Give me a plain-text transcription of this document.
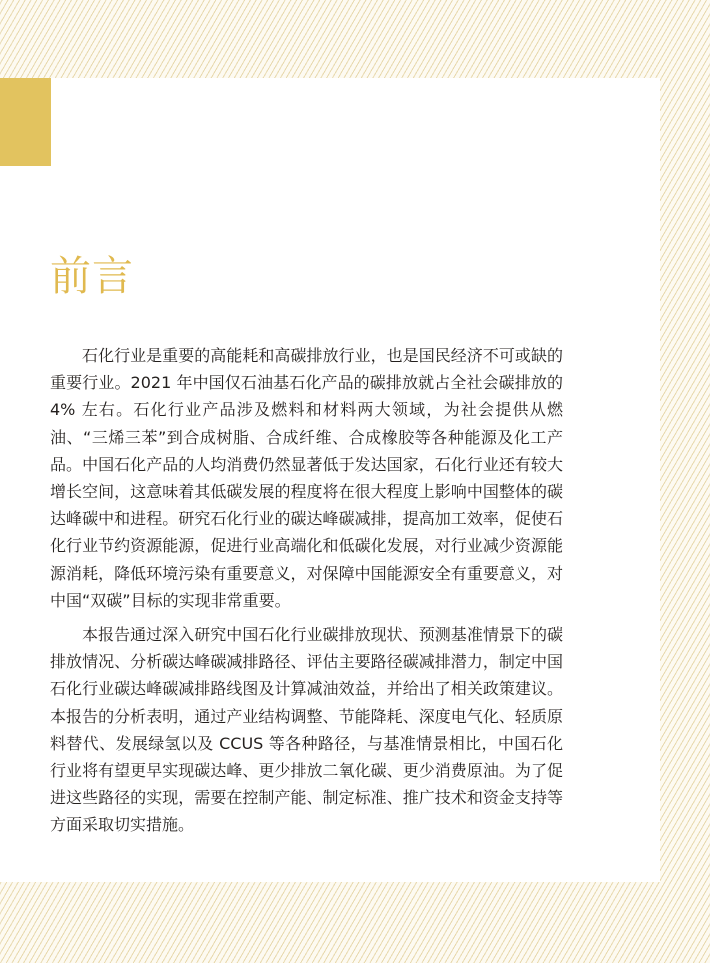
前言

石化行业是重要的高能耗和高碳排放行业，也是国民经济不可或缺的重要行业。2021 年中国仅石油基石化产品的碳排放就占全社会碳排放的 4% 左右。石化行业产品涉及燃料和材料两大领域，为社会提供从燃油、“三烯三苯”到合成树脂、合成纤维、合成橡胶等各种能源及化工产品。中国石化产品的人均消费仍然显著低于发达国家，石化行业还有较大增长空间，这意味着其低碳发展的程度将在很大程度上影响中国整体的碳达峰碳中和进程。研究石化行业的碳达峰碳减排，提高加工效率，促使石化行业节约资源能源，促进行业高端化和低碳化发展，对行业减少资源能源消耗，降低环境污染有重要意义，对保障中国能源安全有重要意义，对中国“双碳”目标的实现非常重要。

本报告通过深入研究中国石化行业碳排放现状、预测基准情景下的碳排放情况、分析碳达峰碳减排路径、评估主要路径碳减排潜力，制定中国石化行业碳达峰碳减排路线图及计算减油效益，并给出了相关政策建议。本报告的分析表明，通过产业结构调整、节能降耗、深度电气化、轻质原料替代、发展绿氢以及 CCUS 等各种路径，与基准情景相比，中国石化行业将有望更早实现碳达峰、更少排放二氧化碳、更少消费原油。为了促进这些路径的实现，需要在控制产能、制定标准、推广技术和资金支持等方面采取切实措施。
